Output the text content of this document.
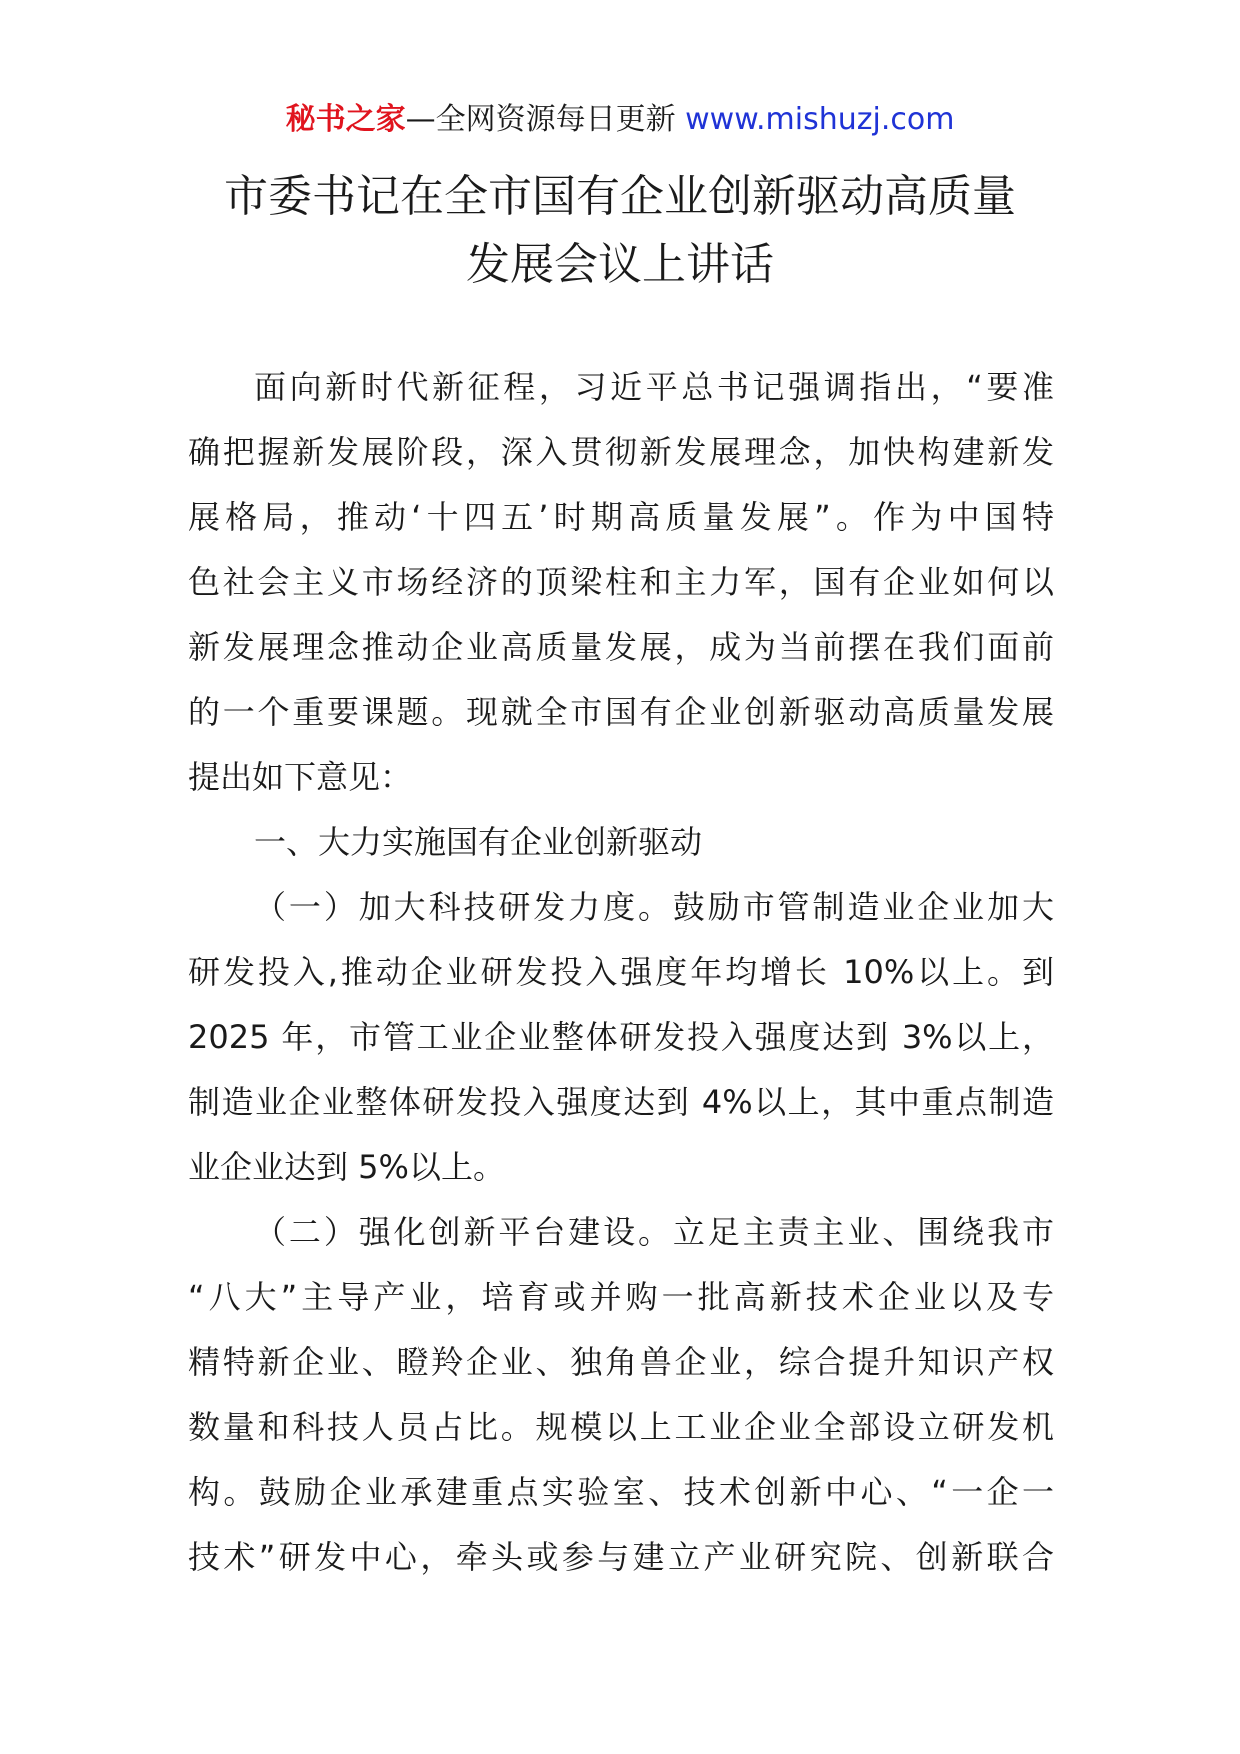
秘书之家—全网资源每日更新 www.mishuzj.com
市委书记在全市国有企业创新驱动高质量
发展会议上讲话
面向新时代新征程，习近平总书记强调指出，“要准
确把握新发展阶段，深入贯彻新发展理念，加快构建新发
展格局，推动‘十四五’时期高质量发展”。作为中国特
色社会主义市场经济的顶梁柱和主力军，国有企业如何以
新发展理念推动企业高质量发展，成为当前摆在我们面前
的一个重要课题。现就全市国有企业创新驱动高质量发展
提出如下意见：
一、大力实施国有企业创新驱动
（一）加大科技研发力度。鼓励市管制造业企业加大
研发投入,推动企业研发投入强度年均增长 10%以上。到
2025 年，市管工业企业整体研发投入强度达到 3%以上，
制造业企业整体研发投入强度达到 4%以上，其中重点制造
业企业达到 5%以上。
（二）强化创新平台建设。立足主责主业、围绕我市
“八大”主导产业，培育或并购一批高新技术企业以及专
精特新企业、瞪羚企业、独角兽企业，综合提升知识产权
数量和科技人员占比。规模以上工业企业全部设立研发机
构。鼓励企业承建重点实验室、技术创新中心、“一企一
技术”研发中心，牵头或参与建立产业研究院、创新联合
